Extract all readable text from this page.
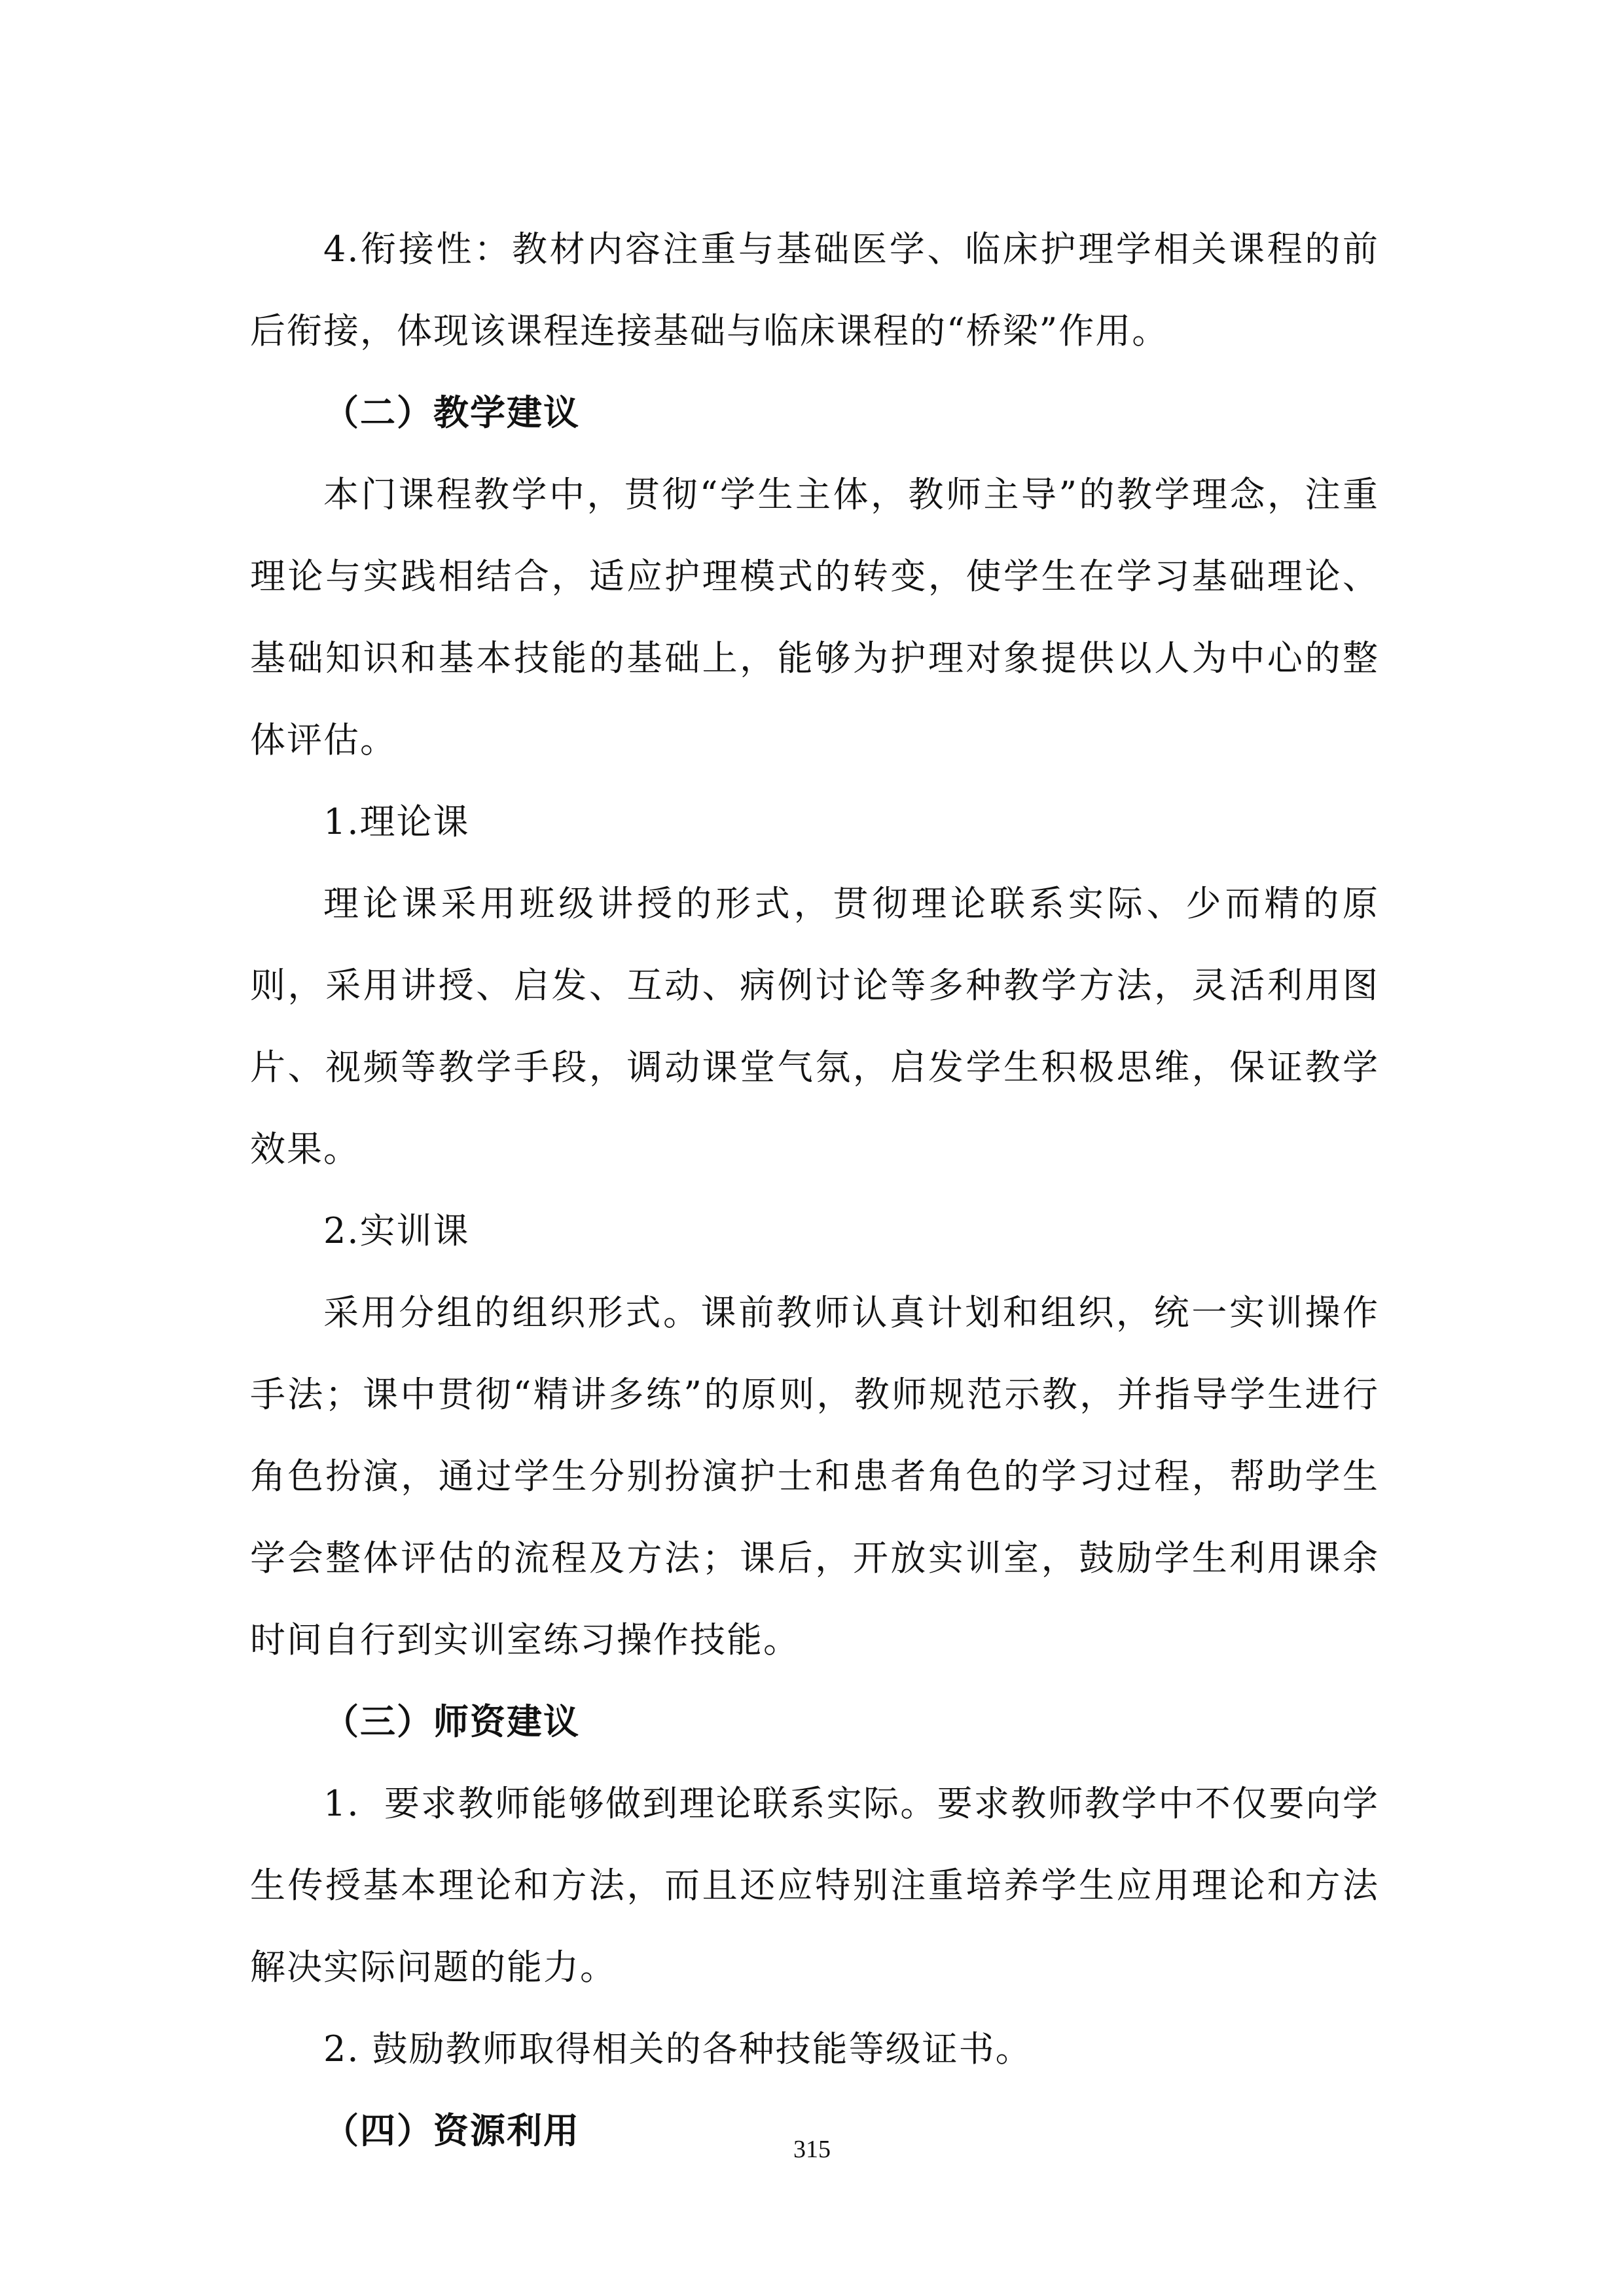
4.衔接性：教材内容注重与基础医学、临床护理学相关课程的前后衔接，体现该课程连接基础与临床课程的“桥梁”作用。

（二）教学建议

本门课程教学中，贯彻“学生主体，教师主导”的教学理念，注重理论与实践相结合，适应护理模式的转变，使学生在学习基础理论、基础知识和基本技能的基础上，能够为护理对象提供以人为中心的整体评估。

1.理论课

理论课采用班级讲授的形式，贯彻理论联系实际、少而精的原则，采用讲授、启发、互动、病例讨论等多种教学方法，灵活利用图片、视频等教学手段，调动课堂气氛，启发学生积极思维，保证教学效果。

2.实训课

采用分组的组织形式。课前教师认真计划和组织，统一实训操作手法；课中贯彻“精讲多练”的原则，教师规范示教，并指导学生进行角色扮演，通过学生分别扮演护士和患者角色的学习过程，帮助学生学会整体评估的流程及方法；课后，开放实训室，鼓励学生利用课余时间自行到实训室练习操作技能。

（三）师资建议

1．要求教师能够做到理论联系实际。要求教师教学中不仅要向学生传授基本理论和方法，而且还应特别注重培养学生应用理论和方法解决实际问题的能力。

2. 鼓励教师取得相关的各种技能等级证书。

（四）资源利用	315
